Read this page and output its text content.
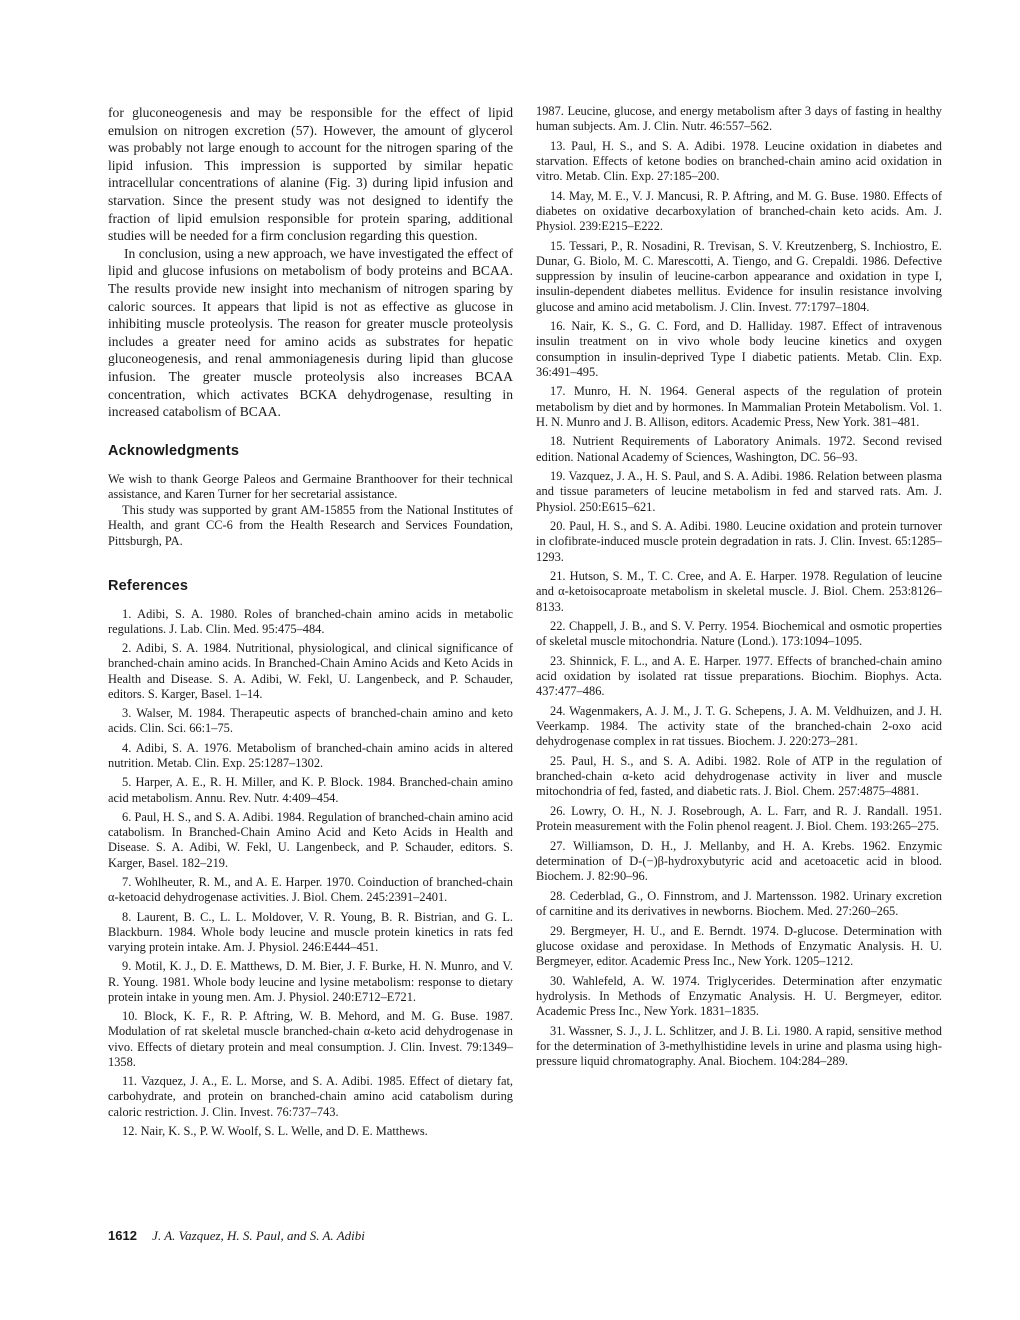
for gluconeogenesis and may be responsible for the effect of lipid emulsion on nitrogen excretion (57). However, the amount of glycerol was probably not large enough to account for the nitrogen sparing of the lipid infusion. This impression is supported by similar hepatic intracellular concentrations of alanine (Fig. 3) during lipid infusion and starvation. Since the present study was not designed to identify the fraction of lipid emulsion responsible for protein sparing, additional studies will be needed for a firm conclusion regarding this question.

In conclusion, using a new approach, we have investigated the effect of lipid and glucose infusions on metabolism of body proteins and BCAA. The results provide new insight into mechanism of nitrogen sparing by caloric sources. It appears that lipid is not as effective as glucose in inhibiting muscle proteolysis. The reason for greater muscle proteolysis includes a greater need for amino acids as substrates for hepatic gluconeogenesis, and renal ammoniagenesis during lipid than glucose infusion. The greater muscle proteolysis also increases BCAA concentration, which activates BCKA dehydrogenase, resulting in increased catabolism of BCAA.

Acknowledgments

We wish to thank George Paleos and Germaine Branthoover for their technical assistance, and Karen Turner for her secretarial assistance.

This study was supported by grant AM-15855 from the National Institutes of Health, and grant CC-6 from the Health Research and Services Foundation, Pittsburgh, PA.

References

1. Adibi, S. A. 1980. Roles of branched-chain amino acids in metabolic regulations. J. Lab. Clin. Med. 95:475–484.

2. Adibi, S. A. 1984. Nutritional, physiological, and clinical significance of branched-chain amino acids. In Branched-Chain Amino Acids and Keto Acids in Health and Disease. S. A. Adibi, W. Fekl, U. Langenbeck, and P. Schauder, editors. S. Karger, Basel. 1–14.

3. Walser, M. 1984. Therapeutic aspects of branched-chain amino and keto acids. Clin. Sci. 66:1–75.

4. Adibi, S. A. 1976. Metabolism of branched-chain amino acids in altered nutrition. Metab. Clin. Exp. 25:1287–1302.

5. Harper, A. E., R. H. Miller, and K. P. Block. 1984. Branched-chain amino acid metabolism. Annu. Rev. Nutr. 4:409–454.

6. Paul, H. S., and S. A. Adibi. 1984. Regulation of branched-chain amino acid catabolism. In Branched-Chain Amino Acid and Keto Acids in Health and Disease. S. A. Adibi, W. Fekl, U. Langenbeck, and P. Schauder, editors. S. Karger, Basel. 182–219.

7. Wohlheuter, R. M., and A. E. Harper. 1970. Coinduction of branched-chain α-ketoacid dehydrogenase activities. J. Biol. Chem. 245:2391–2401.

8. Laurent, B. C., L. L. Moldover, V. R. Young, B. R. Bistrian, and G. L. Blackburn. 1984. Whole body leucine and muscle protein kinetics in rats fed varying protein intake. Am. J. Physiol. 246:E444–451.

9. Motil, K. J., D. E. Matthews, D. M. Bier, J. F. Burke, H. N. Munro, and V. R. Young. 1981. Whole body leucine and lysine metabolism: response to dietary protein intake in young men. Am. J. Physiol. 240:E712–E721.

10. Block, K. F., R. P. Aftring, W. B. Mehord, and M. G. Buse. 1987. Modulation of rat skeletal muscle branched-chain α-keto acid dehydrogenase in vivo. Effects of dietary protein and meal consumption. J. Clin. Invest. 79:1349–1358.

11. Vazquez, J. A., E. L. Morse, and S. A. Adibi. 1985. Effect of dietary fat, carbohydrate, and protein on branched-chain amino acid catabolism during caloric restriction. J. Clin. Invest. 76:737–743.

12. Nair, K. S., P. W. Woolf, S. L. Welle, and D. E. Matthews.

1987. Leucine, glucose, and energy metabolism after 3 days of fasting in healthy human subjects. Am. J. Clin. Nutr. 46:557–562.

13. Paul, H. S., and S. A. Adibi. 1978. Leucine oxidation in diabetes and starvation. Effects of ketone bodies on branched-chain amino acid oxidation in vitro. Metab. Clin. Exp. 27:185–200.

14. May, M. E., V. J. Mancusi, R. P. Aftring, and M. G. Buse. 1980. Effects of diabetes on oxidative decarboxylation of branched-chain keto acids. Am. J. Physiol. 239:E215–E222.

15. Tessari, P., R. Nosadini, R. Trevisan, S. V. Kreutzenberg, S. Inchiostro, E. Dunar, G. Biolo, M. C. Marescotti, A. Tiengo, and G. Crepaldi. 1986. Defective suppression by insulin of leucine-carbon appearance and oxidation in type I, insulin-dependent diabetes mellitus. Evidence for insulin resistance involving glucose and amino acid metabolism. J. Clin. Invest. 77:1797–1804.

16. Nair, K. S., G. C. Ford, and D. Halliday. 1987. Effect of intravenous insulin treatment on in vivo whole body leucine kinetics and oxygen consumption in insulin-deprived Type I diabetic patients. Metab. Clin. Exp. 36:491–495.

17. Munro, H. N. 1964. General aspects of the regulation of protein metabolism by diet and by hormones. In Mammalian Protein Metabolism. Vol. 1. H. N. Munro and J. B. Allison, editors. Academic Press, New York. 381–481.

18. Nutrient Requirements of Laboratory Animals. 1972. Second revised edition. National Academy of Sciences, Washington, DC. 56–93.

19. Vazquez, J. A., H. S. Paul, and S. A. Adibi. 1986. Relation between plasma and tissue parameters of leucine metabolism in fed and starved rats. Am. J. Physiol. 250:E615–621.

20. Paul, H. S., and S. A. Adibi. 1980. Leucine oxidation and protein turnover in clofibrate-induced muscle protein degradation in rats. J. Clin. Invest. 65:1285–1293.

21. Hutson, S. M., T. C. Cree, and A. E. Harper. 1978. Regulation of leucine and α-ketoisocaproate metabolism in skeletal muscle. J. Biol. Chem. 253:8126–8133.

22. Chappell, J. B., and S. V. Perry. 1954. Biochemical and osmotic properties of skeletal muscle mitochondria. Nature (Lond.). 173:1094–1095.

23. Shinnick, F. L., and A. E. Harper. 1977. Effects of branched-chain amino acid oxidation by isolated rat tissue preparations. Biochim. Biophys. Acta. 437:477–486.

24. Wagenmakers, A. J. M., J. T. G. Schepens, J. A. M. Veldhuizen, and J. H. Veerkamp. 1984. The activity state of the branched-chain 2-oxo acid dehydrogenase complex in rat tissues. Biochem. J. 220:273–281.

25. Paul, H. S., and S. A. Adibi. 1982. Role of ATP in the regulation of branched-chain α-keto acid dehydrogenase activity in liver and muscle mitochondria of fed, fasted, and diabetic rats. J. Biol. Chem. 257:4875–4881.

26. Lowry, O. H., N. J. Rosebrough, A. L. Farr, and R. J. Randall. 1951. Protein measurement with the Folin phenol reagent. J. Biol. Chem. 193:265–275.

27. Williamson, D. H., J. Mellanby, and H. A. Krebs. 1962. Enzymic determination of D-(−)β-hydroxybutyric acid and acetoacetic acid in blood. Biochem. J. 82:90–96.

28. Cederblad, G., O. Finnstrom, and J. Martensson. 1982. Urinary excretion of carnitine and its derivatives in newborns. Biochem. Med. 27:260–265.

29. Bergmeyer, H. U., and E. Berndt. 1974. D-glucose. Determination with glucose oxidase and peroxidase. In Methods of Enzymatic Analysis. H. U. Bergmeyer, editor. Academic Press Inc., New York. 1205–1212.

30. Wahlefeld, A. W. 1974. Triglycerides. Determination after enzymatic hydrolysis. In Methods of Enzymatic Analysis. H. U. Bergmeyer, editor. Academic Press Inc., New York. 1831–1835.

31. Wassner, S. J., J. L. Schlitzer, and J. B. Li. 1980. A rapid, sensitive method for the determination of 3-methylhistidine levels in urine and plasma using high-pressure liquid chromatography. Anal. Biochem. 104:284–289.

1612 J. A. Vazquez, H. S. Paul, and S. A. Adibi
